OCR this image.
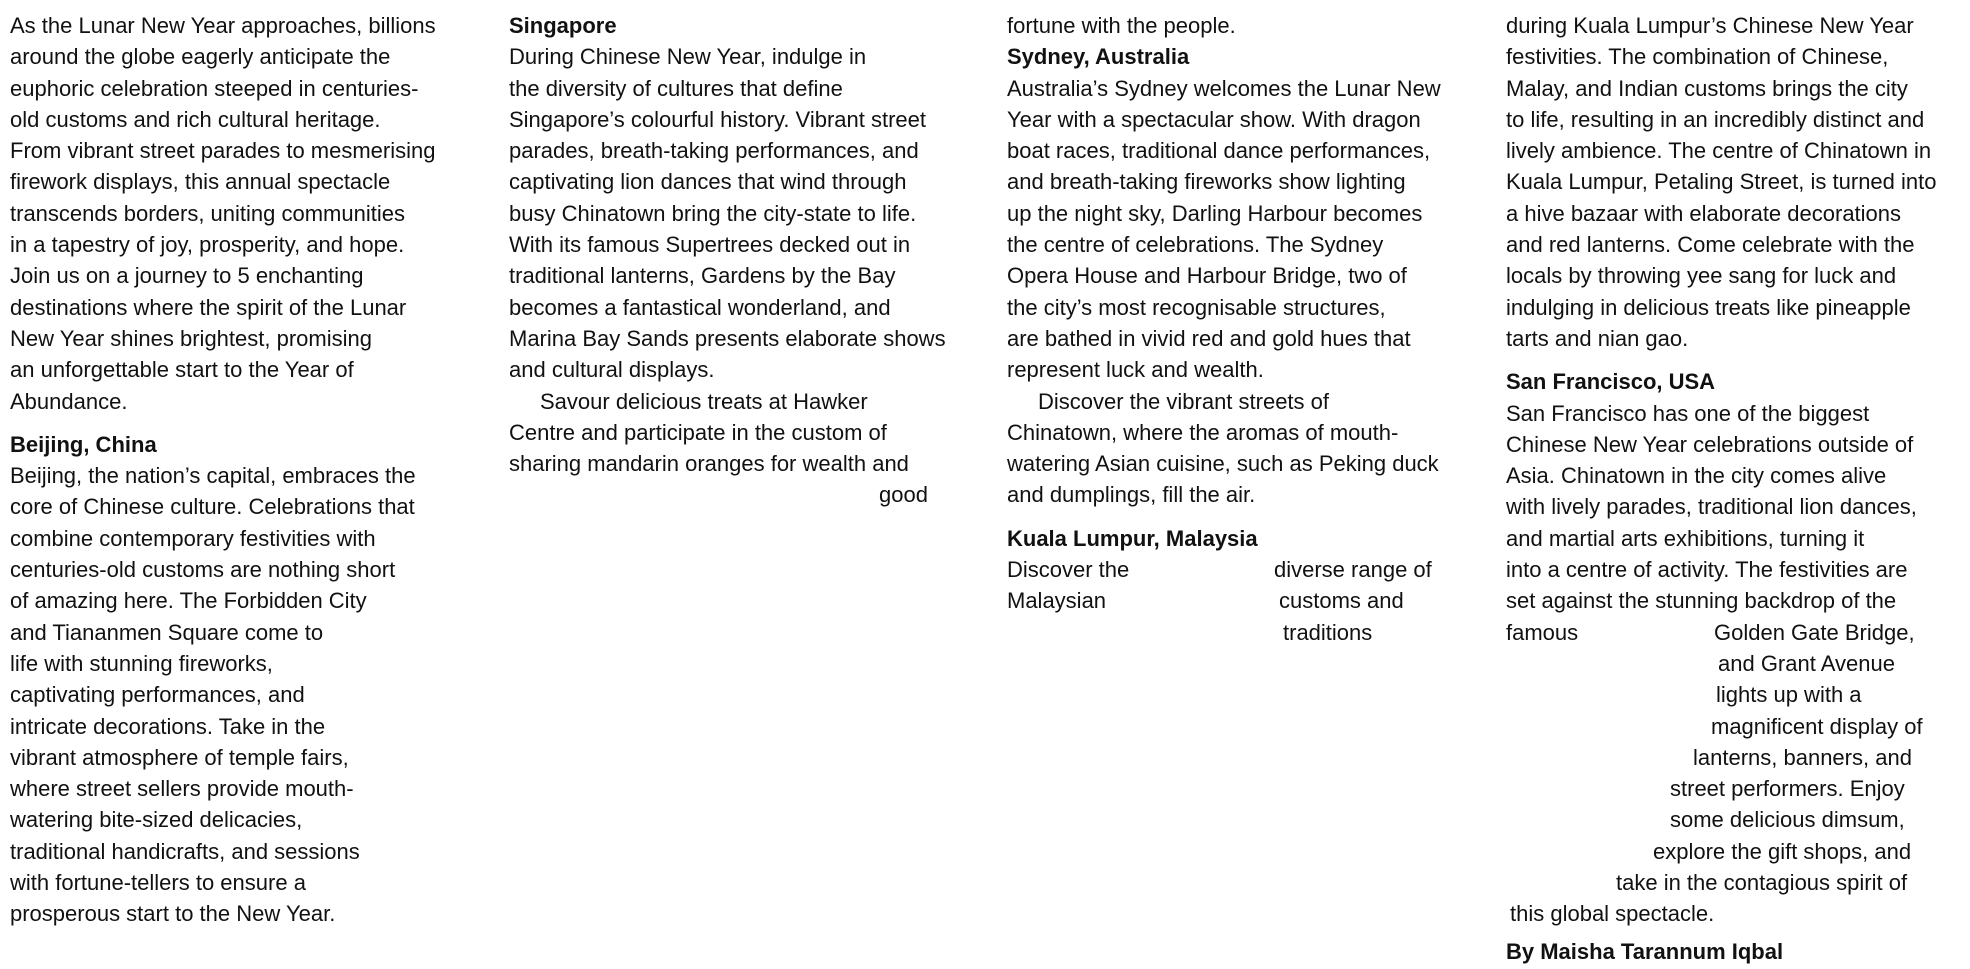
As the Lunar New Year approaches, billions
around the globe eagerly anticipate the
euphoric celebration steeped in centuries-
old customs and rich cultural heritage.
From vibrant street parades to mesmerising
firework displays, this annual spectacle
transcends borders, uniting communities
in a tapestry of joy, prosperity, and hope.
Join us on a journey to 5 enchanting
destinations where the spirit of the Lunar
New Year shines brightest, promising
an unforgettable start to the Year of
Abundance.
Beijing, China
Beijing, the nation’s capital, embraces the
core of Chinese culture. Celebrations that
combine contemporary festivities with
centuries-old customs are nothing short
of amazing here. The Forbidden City
and Tiananmen Square come to
life with stunning fireworks,
captivating performances, and
intricate decorations. Take in the
vibrant atmosphere of temple fairs,
where street sellers provide mouth-
watering bite-sized delicacies,
traditional handicrafts, and sessions
with fortune-tellers to ensure a
prosperous start to the New Year.
Singapore
During Chinese New Year, indulge in
the diversity of cultures that define
Singapore’s colourful history. Vibrant street
parades, breath-taking performances, and
captivating lion dances that wind through
busy Chinatown bring the city-state to life.
With its famous Supertrees decked out in
traditional lanterns, Gardens by the Bay
becomes a fantastical wonderland, and
Marina Bay Sands presents elaborate shows
and cultural displays.
Savour delicious treats at Hawker
Centre and participate in the custom of
sharing mandarin oranges for wealth and
good
fortune with the people.
Sydney, Australia
Australia’s Sydney welcomes the Lunar New
Year with a spectacular show. With dragon
boat races, traditional dance performances,
and breath-taking fireworks show lighting
up the night sky, Darling Harbour becomes
the centre of celebrations. The Sydney
Opera House and Harbour Bridge, two of
the city’s most recognisable structures,
are bathed in vivid red and gold hues that
represent luck and wealth.
Discover the vibrant streets of
Chinatown, where the aromas of mouth-
watering Asian cuisine, such as Peking duck
and dumplings, fill the air.
Kuala Lumpur, Malaysia
Discover the	diverse range of
Malaysian	customs and
traditions
during Kuala Lumpur’s Chinese New Year
festivities. The combination of Chinese,
Malay, and Indian customs brings the city
to life, resulting in an incredibly distinct and
lively ambience. The centre of Chinatown in
Kuala Lumpur, Petaling Street, is turned into
a hive bazaar with elaborate decorations
and red lanterns. Come celebrate with the
locals by throwing yee sang for luck and
indulging in delicious treats like pineapple
tarts and nian gao.
San Francisco, USA
San Francisco has one of the biggest
Chinese New Year celebrations outside of
Asia. Chinatown in the city comes alive
with lively parades, traditional lion dances,
and martial arts exhibitions, turning it
into a centre of activity. The festivities are
set against the stunning backdrop of the
famous	Golden Gate Bridge,
and Grant Avenue
lights up with a
magnificent display of
lanterns, banners, and
street performers. Enjoy
some delicious dimsum,
explore the gift shops, and
take in the contagious spirit of
this global spectacle.
By Maisha Tarannum Iqbal
